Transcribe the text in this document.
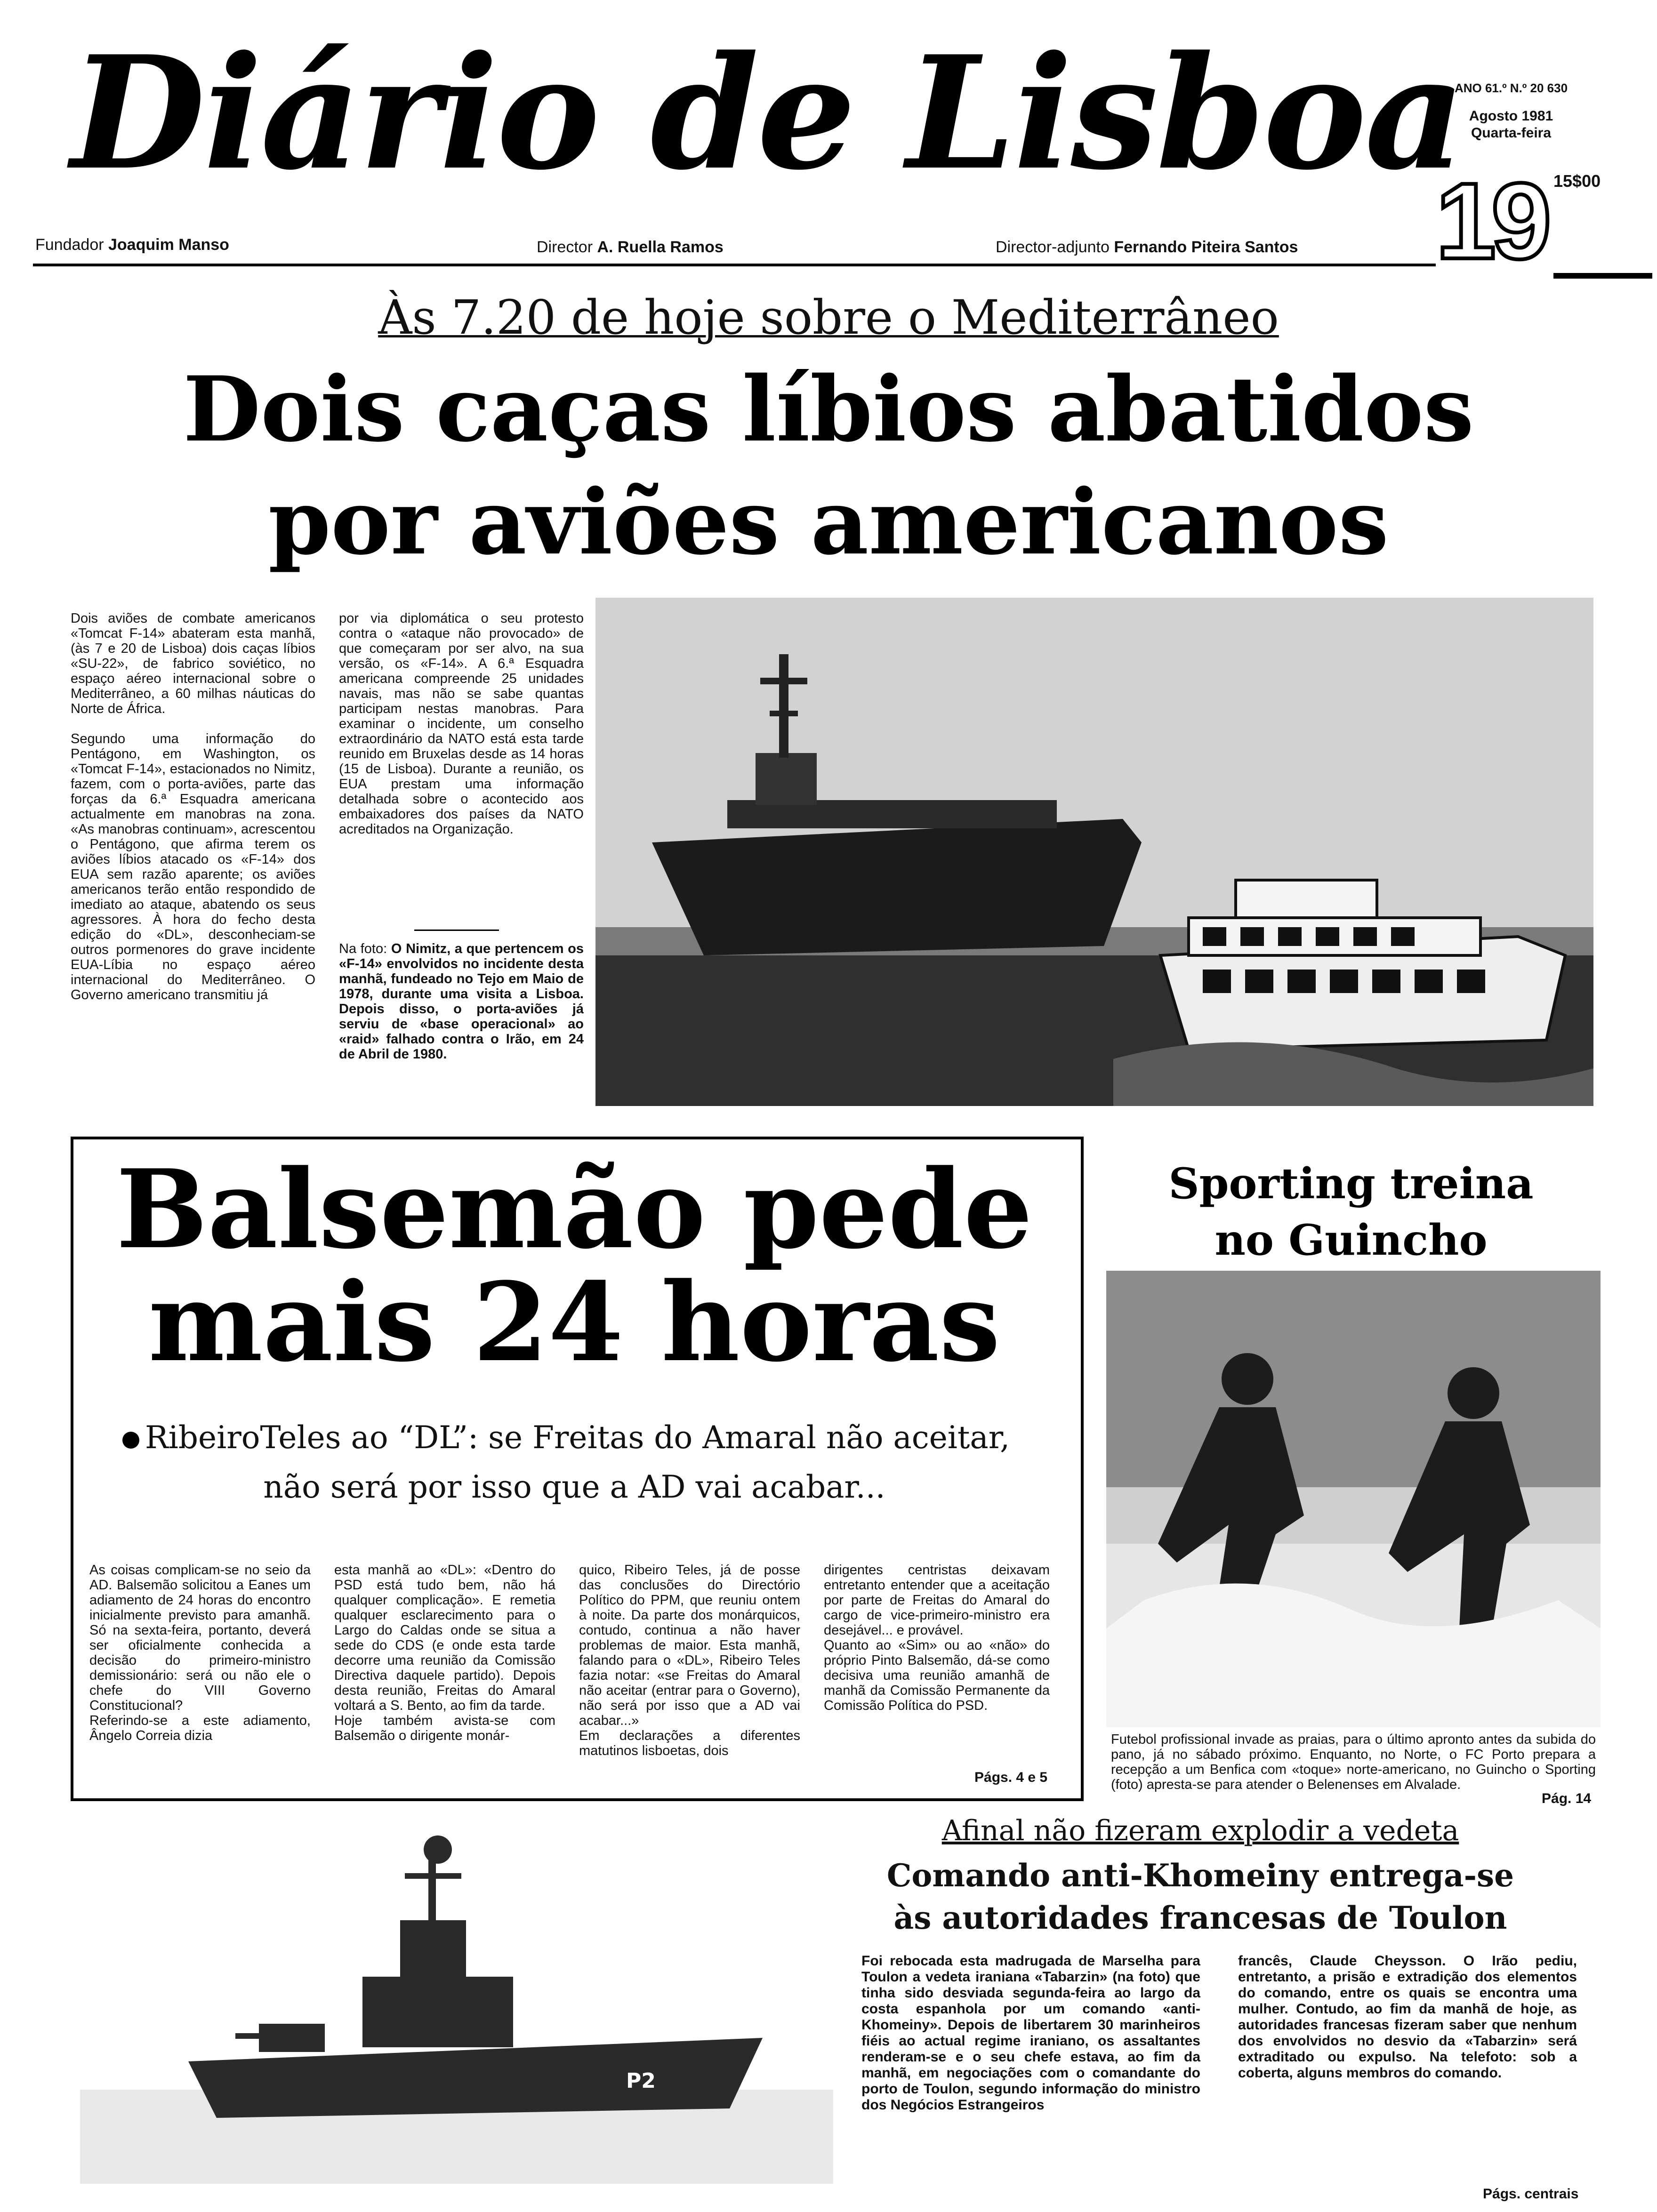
Diário de Lisboa
ANO 61.º N.º 20 630
Agosto 1981
Quarta-feira
19 15$00
Fundador Joaquim Manso	Director A. Ruella Ramos	Director-adjunto Fernando Piteira Santos
Às 7.20 de hoje sobre o Mediterrâneo
Dois caças líbios abatidos
por aviões americanos
Dois aviões de combate americanos «Tomcat F-14» abateram esta manhã, (às 7 e 20 de Lisboa) dois caças líbios «SU-22», de fabrico soviético, no espaço aéreo internacional sobre o Mediterrâneo, a 60 milhas náuticas do Norte de África.

Segundo uma informação do Pentágono, em Washington, os «Tomcat F-14», estacionados no Nimitz, fazem, com o porta-aviões, parte das forças da 6.ª Esquadra americana actualmente em manobras na zona. «As manobras continuam», acrescentou o Pentágono, que afirma terem os aviões líbios atacado os «F-14» dos EUA sem razão aparente; os aviões americanos terão então respondido de imediato ao ataque, abatendo os seus agressores. À hora do fecho desta edição do «DL», desconheciam-se outros pormenores do grave incidente EUA-Líbia no espaço aéreo internacional do Mediterrâneo. O Governo americano transmitiu já
por via diplomática o seu protesto contra o «ataque não provocado» de que começaram por ser alvo, na sua versão, os «F-14». A 6.ª Esquadra americana compreende 25 unidades navais, mas não se sabe quantas participam nestas manobras. Para examinar o incidente, um conselho extraordinário da NATO está esta tarde reunido em Bruxelas desde as 14 horas (15 de Lisboa). Durante a reunião, os EUA prestam uma informação detalhada sobre o acontecido aos embaixadores dos países da NATO acreditados na Organização.
Na foto: O Nimitz, a que pertencem os «F-14» envolvidos no incidente desta manhã, fundeado no Tejo em Maio de 1978, durante uma visita a Lisboa. Depois disso, o porta-aviões já serviu de «base operacional» ao «raid» falhado contra o Irão, em 24 de Abril de 1980.
Balsemão pede
mais 24 horas
RibeiroTeles ao “DL”: se Freitas do Amaral não aceitar,
não será por isso que a AD vai acabar...
As coisas complicam-se no seio da AD. Balsemão solicitou a Eanes um adiamento de 24 horas do encontro inicialmente previsto para amanhã. Só na sexta-feira, portanto, deverá ser oficialmente conhecida a decisão do primeiro-ministro demissionário: será ou não ele o chefe do VIII Governo Constitucional?
Referindo-se a este adiamento, Ângelo Correia dizia
esta manhã ao «DL»: «Dentro do PSD está tudo bem, não há qualquer complicação». E remetia qualquer esclarecimento para o Largo do Caldas onde se situa a sede do CDS (e onde esta tarde decorre uma reunião da Comissão Directiva daquele partido). Depois desta reunião, Freitas do Amaral voltará a S. Bento, ao fim da tarde.
Hoje também avista-se com Balsemão o dirigente monár-
quico, Ribeiro Teles, já de posse das conclusões do Directório Político do PPM, que reuniu ontem à noite. Da parte dos monárquicos, contudo, continua a não haver problemas de maior. Esta manhã, falando para o «DL», Ribeiro Teles fazia notar: «se Freitas do Amaral não aceitar (entrar para o Governo), não será por isso que a AD vai acabar...»
Em declarações a diferentes matutinos lisboetas, dois
dirigentes centristas deixavam entretanto entender que a aceitação por parte de Freitas do Amaral do cargo de vice-primeiro-ministro era desejável... e provável.
Quanto ao «Sim» ou ao «não» do próprio Pinto Balsemão, dá-se como decisiva uma reunião amanhã de manhã da Comissão Permanente da Comissão Política do PSD.
Págs. 4 e 5
Sporting treina
no Guincho
Futebol profissional invade as praias, para o último aprontо antes da subida do pano, já no sábado próximo. Enquanto, no Norte, o FC Porto prepara a recepção a um Benfica com «toque» norte-americano, no Guincho o Sporting (foto) apresta-se para atender o Belenenses em Alvalade.
Pág. 14
P2
Afinal não fizeram explodir a vedeta
Comando anti-Khomeiny entrega-se
às autoridades francesas de Toulon
Foi rebocada esta madrugada de Marselha para Toulon a vedeta iraniana «Tabarzin» (na foto) que tinha sido desviada segunda-feira ao largo da costa espanhola por um comando «anti-Khomeiny». Depois de libertarem 30 marinheiros fiéis ao actual regime iraniano, os assaltantes renderam-se e o seu chefe estava, ao fim da manhã, em negociações com o comandante do porto de Toulon, segundo informação do ministro dos Negócios Estrangeiros
francês, Claude Cheysson. O Irão pediu, entretanto, a prisão e extradição dos elementos do comando, entre os quais se encontra uma mulher. Contudo, ao fim da manhã de hoje, as autoridades francesas fizeram saber que nenhum dos envolvidos no desvio da «Tabarzin» será extraditado ou expulso. Na telefoto: sob a coberta, alguns membros do comando.
Págs. centrais
